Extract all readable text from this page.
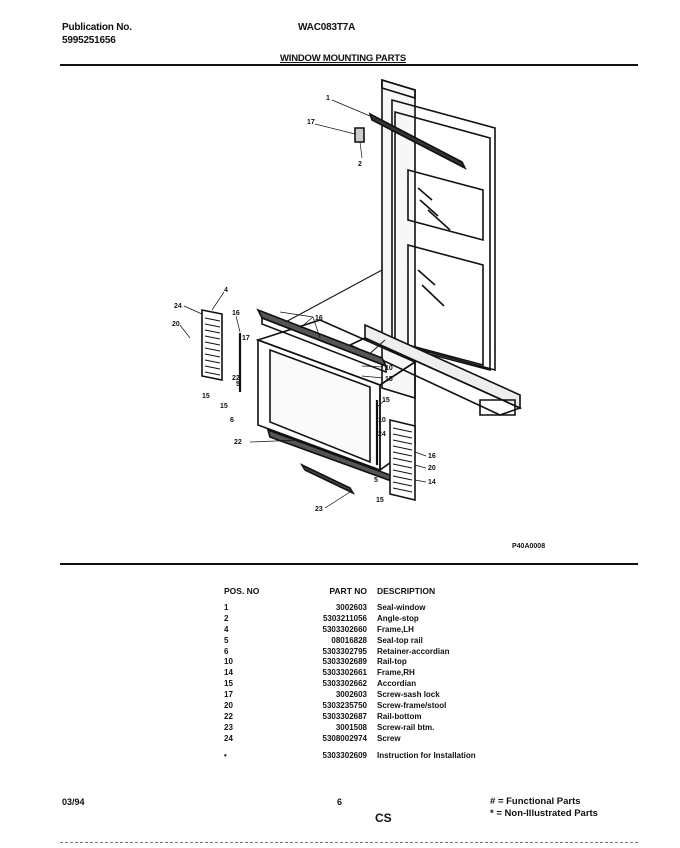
Publication No.
5995251656
WAC083T7A
WINDOW MOUNTING PARTS
1
17
2
24
4
20
15
15
17
16
6
5
16
10
15
23
22
24
15
10
16
14
20
5
15
22
P40A0008
POS. NO	PART NO	DESCRIPTION
1	3002603	Seal-window
2	5303211056	Angle-stop
4	5303302660	Frame,LH
5	08016828	Seal-top rail
6	5303302795	Retainer-accordian
10	5303302689	Rail-top
14	5303302661	Frame,RH
15	5303302662	Accordian
17	3002603	Screw-sash lock
20	5303235750	Screw-frame/stool
22	5303302687	Rail-bottom
23	3001508	Screw-rail btm.
24	5308002974	Screw
•	5303302609	Instruction for Installation
03/94	6
CS
# = Functional Parts
* = Non-Illustrated Parts
